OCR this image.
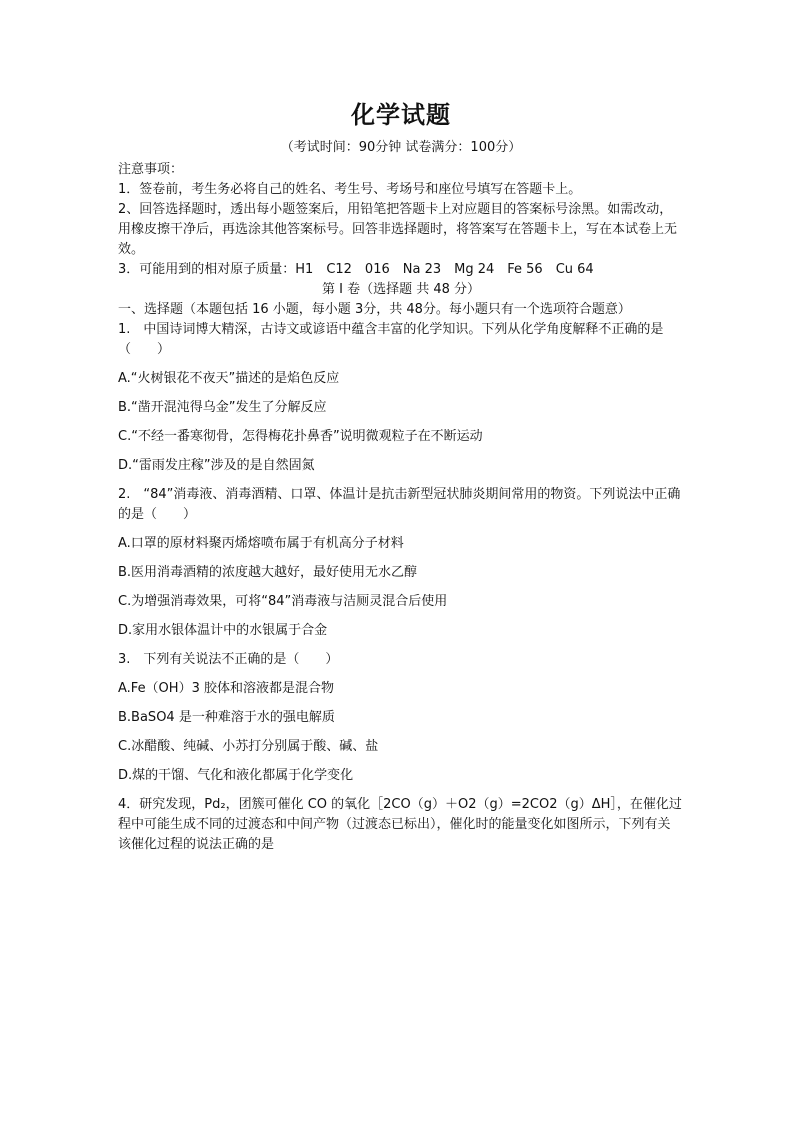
化学试题
（考试时间：90分钟 试卷满分：100分）
注意事项：
1．签卷前，考生务必将自己的姓名、考生号、考场号和座位号填写在答题卡上。
2、回答选择题时，透出每小题签案后，用铅笔把答题卡上对应题目的答案标号涂黑。如需改动，用橡皮擦干净后，再选涂其他答案标号。回答非选择题时，将答案写在答题卡上，写在本试卷上无效。
3．可能用到的相对原子质量：H1　C12　016　Na 23　Mg 24　Fe 56　Cu 64
第 I 卷（选择题 共 48 分）
一、选择题（本题包括 16 小题，每小题 3分，共 48分。每小题只有一个选项符合题意）
1.　中国诗词博大精深，古诗文或谚语中蕴含丰富的化学知识。下列从化学角度解释不正确的是（　　）
A.“火树银花不夜天”描述的是焰色反应
B.“凿开混沌得乌金”发生了分解反应
C.“不经一番寒彻骨，怎得梅花扑鼻香”说明微观粒子在不断运动
D.“雷雨发庄稼”涉及的是自然固氮
2.　“84”消毒液、消毒酒精、口罩、体温计是抗击新型冠状肺炎期间常用的物资。下列说法中正确的是（　　）
A.口罩的原材料聚丙烯熔喷布属于有机高分子材料
B.医用消毒酒精的浓度越大越好，最好使用无水乙醇
C.为增强消毒效果，可将“84”消毒液与洁厕灵混合后使用
D.家用水银体温计中的水银属于合金
3.　下列有关说法不正确的是（　　）
A.Fe（OH）3 胶体和溶液都是混合物
B.BaSO4 是一种难溶于水的强电解质
C.冰醋酸、纯碱、小苏打分别属于酸、碱、盐
D.煤的干馏、气化和液化都属于化学变化
4．研究发现，Pd₂，团簇可催化 CO 的氧化［2CO（g）＋O2（g）=2CO2（g）ΔH］，在催化过程中可能生成不同的过渡态和中间产物（过渡态已标出），催化时的能量变化如图所示，下列有关
该催化过程的说法正确的是
